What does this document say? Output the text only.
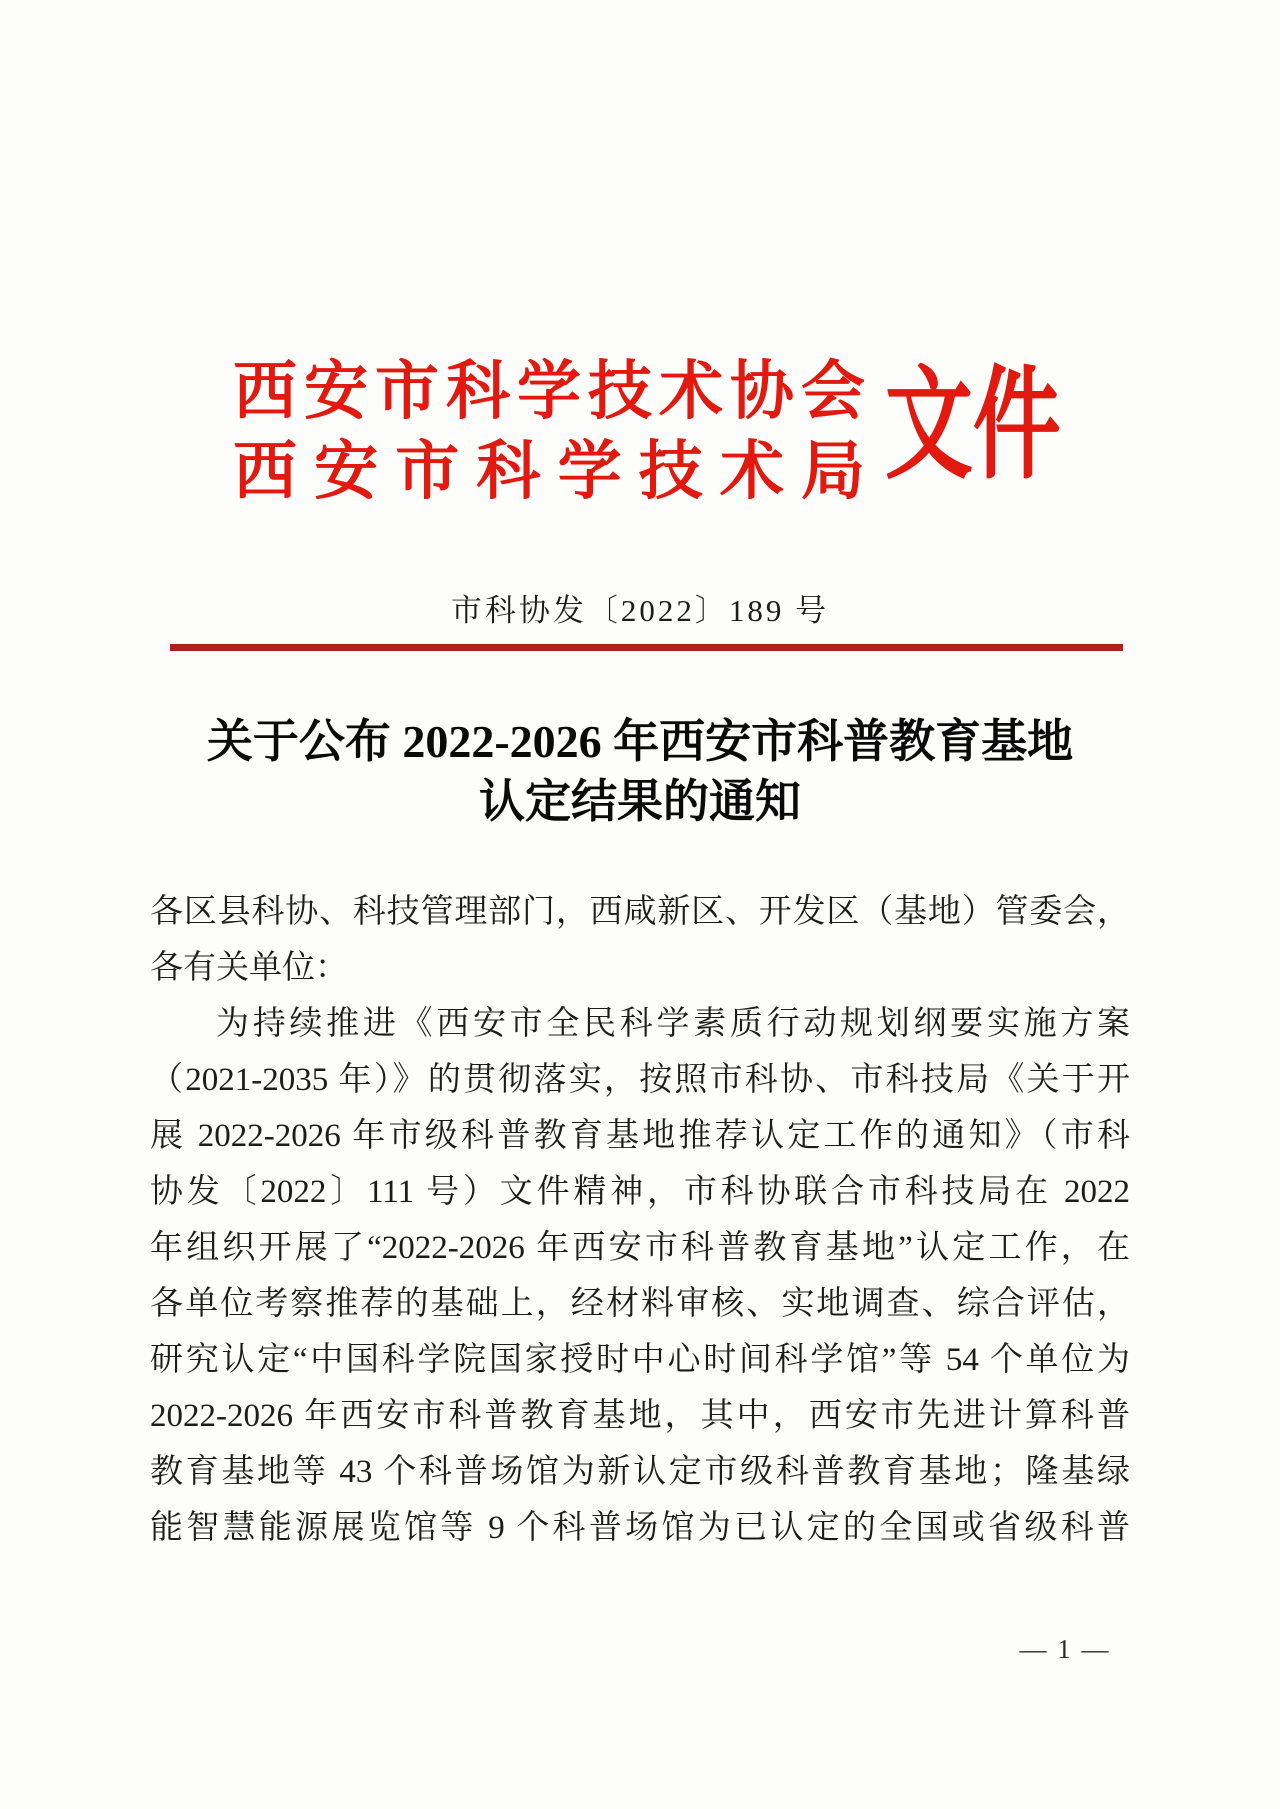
西安市科学技术协会
西安市科学技术局 文件
市科协发〔2022〕189 号
关于公布 2022-2026 年西安市科普教育基地
认定结果的通知
各区县科协、科技管理部门，西咸新区、开发区（基地）管委会，
各有关单位：
为持续推进《西安市全民科学素质行动规划纲要实施方案
（2021-2035 年）》的贯彻落实，按照市科协、市科技局《关于开
展 2022-2026 年市级科普教育基地推荐认定工作的通知》（市科
协发〔2022〕111 号）文件精神，市科协联合市科技局在 2022
年组织开展了“2022-2026 年西安市科普教育基地”认定工作，在
各单位考察推荐的基础上，经材料审核、实地调查、综合评估，
研究认定“中国科学院国家授时中心时间科学馆”等 54 个单位为
2022-2026 年西安市科普教育基地，其中，西安市先进计算科普
教育基地等 43 个科普场馆为新认定市级科普教育基地；隆基绿
能智慧能源展览馆等 9 个科普场馆为已认定的全国或省级科普
— 1 —
